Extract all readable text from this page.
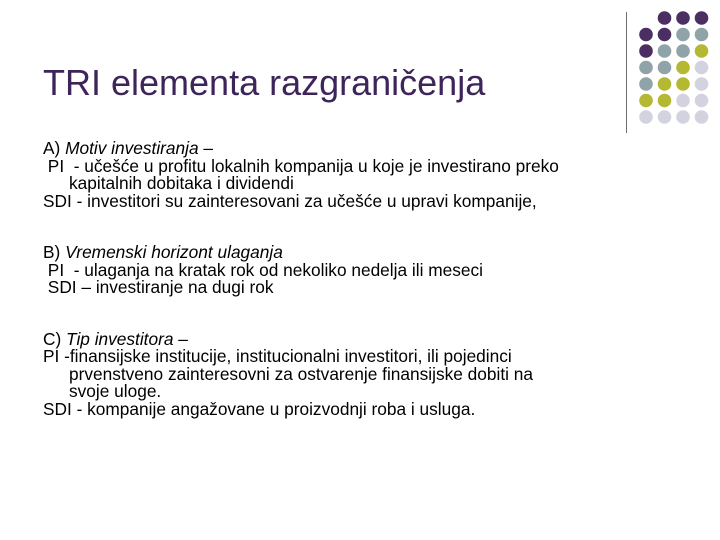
TRI elementa razgraničenja
A) Motiv investiranja –
PI  - učešće u profitu lokalnih kompanija u koje je investirano preko
kapitalnih dobitaka i dividendi
SDI - investitori su zainteresovani za učešće u upravi kompanije,
B) Vremenski horizont ulaganja
PI  - ulaganja na kratak rok od nekoliko nedelja ili meseci
SDI – investiranje na dugi rok
C) Tip investitora –
PI -finansijske institucije, institucionalni investitori, ili pojedinci
prvenstveno zainteresovni za ostvarenje finansijske dobiti na
svoje uloge.
SDI - kompanije angažovane u proizvodnji roba i usluga.
